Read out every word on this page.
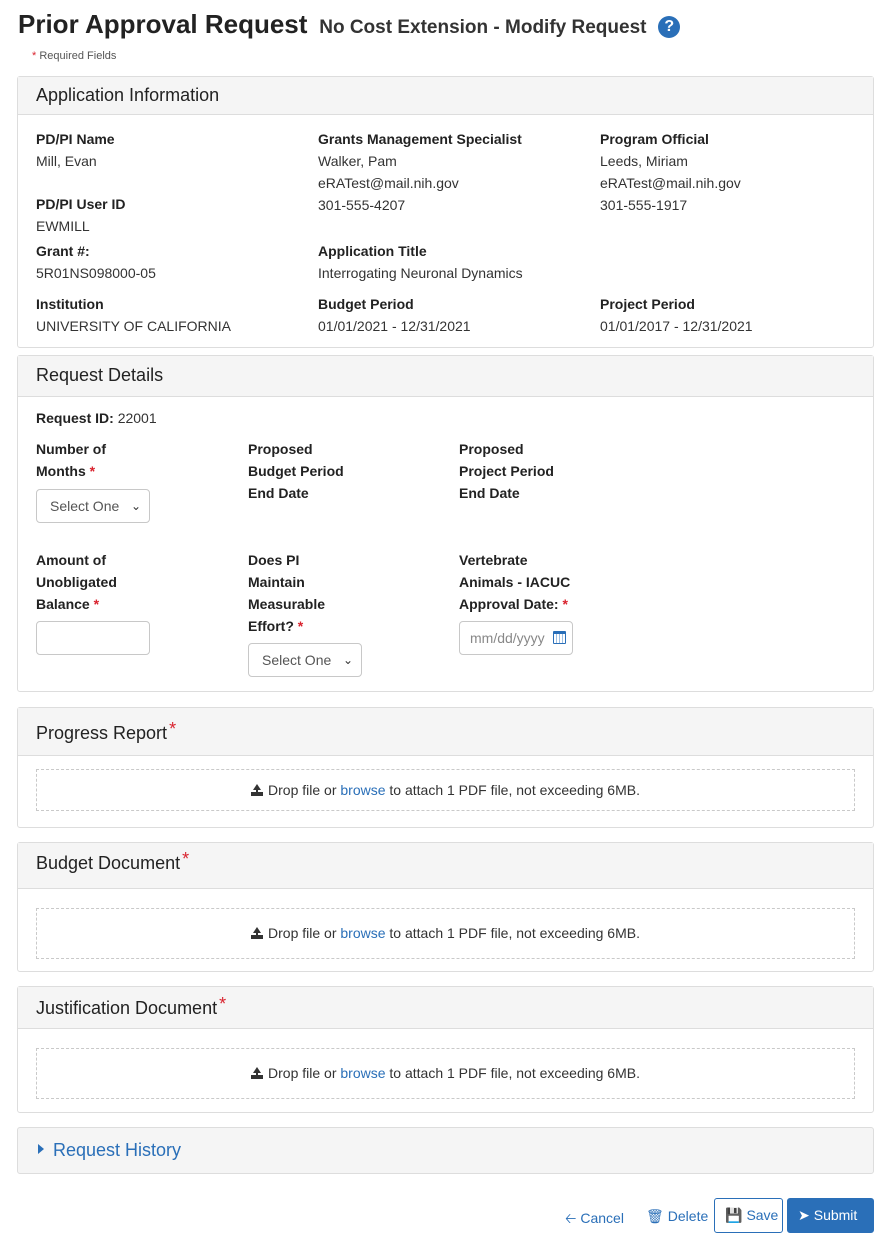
Prior Approval Request No Cost Extension - Modify Request ?
* Required Fields
Application Information
PD/PI Name
Mill, Evan
PD/PI User ID
EWMILL
Grants Management Specialist
Walker, Pam
eRATest@mail.nih.gov
301-555-4207
Program Official
Leeds, Miriam
eRATest@mail.nih.gov
301-555-1917
Grant #:
5R01NS098000-05
Application Title
Interrogating Neuronal Dynamics
Institution
UNIVERSITY OF CALIFORNIA
Budget Period
01/01/2021 - 12/31/2021
Project Period
01/01/2017 - 12/31/2021
Request Details
Request ID: 22001
Number of
Months *
Select One ⌄
Proposed
Budget Period
End Date
Proposed
Project Period
End Date
Amount of
Unobligated
Balance *
Does PI
Maintain
Measurable
Effort? *
Select One ⌄
Vertebrate
Animals - IACUC
Approval Date: *
mm/dd/yyyy
Progress Report *
Drop file or browse to attach 1 PDF file, not exceeding 6MB.
Budget Document *
Drop file or browse to attach 1 PDF file, not exceeding 6MB.
Justification Document *
Drop file or browse to attach 1 PDF file, not exceeding 6MB.
Request History
🡠 Cancel 🗑 Delete	💾 Save	➤ Submit
